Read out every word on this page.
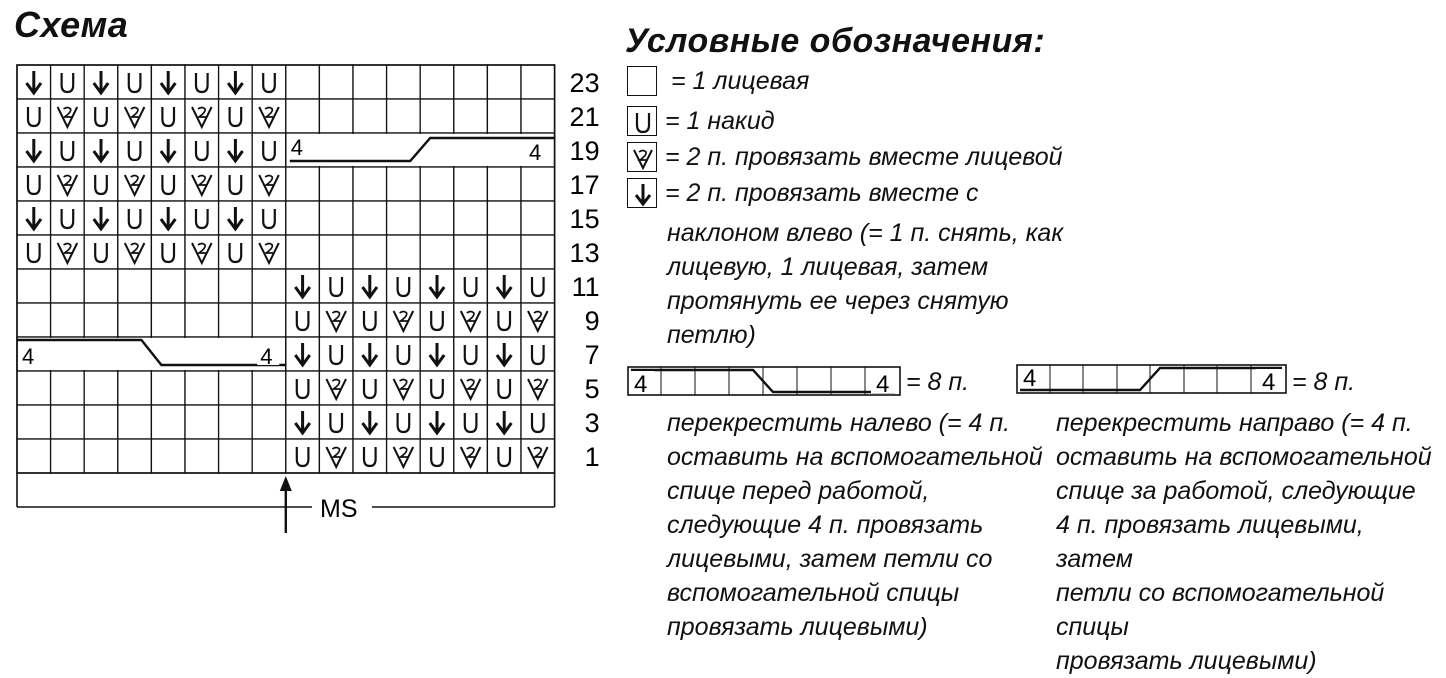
Схема	Условные обозначения:
23
21
19
17
15
13
11
9
7
5
3
1
4	4
4	4
MS
= 1 лицевая
= 1 накид
= 2 п. провязать вместе лицевой
= 2 п. провязать вместе с
наклоном влево (= 1 п. снять, как
лицевую, 1 лицевая, затем
протянуть ее через снятую
петлю)
4	4 = 8 п.
перекрестить налево (= 4 п.
оставить на вспомогательной
спице перед работой,
следующие 4 п. провязать
лицевыми, затем петли со
вспомогательной спицы
провязать лицевыми)
4	4 = 8 п.
перекрестить направо (= 4 п.
оставить на вспомогательной
спице за работой, следующие
4 п. провязать лицевыми, затем
петли со вспомогательной спицы
провязать лицевыми)
